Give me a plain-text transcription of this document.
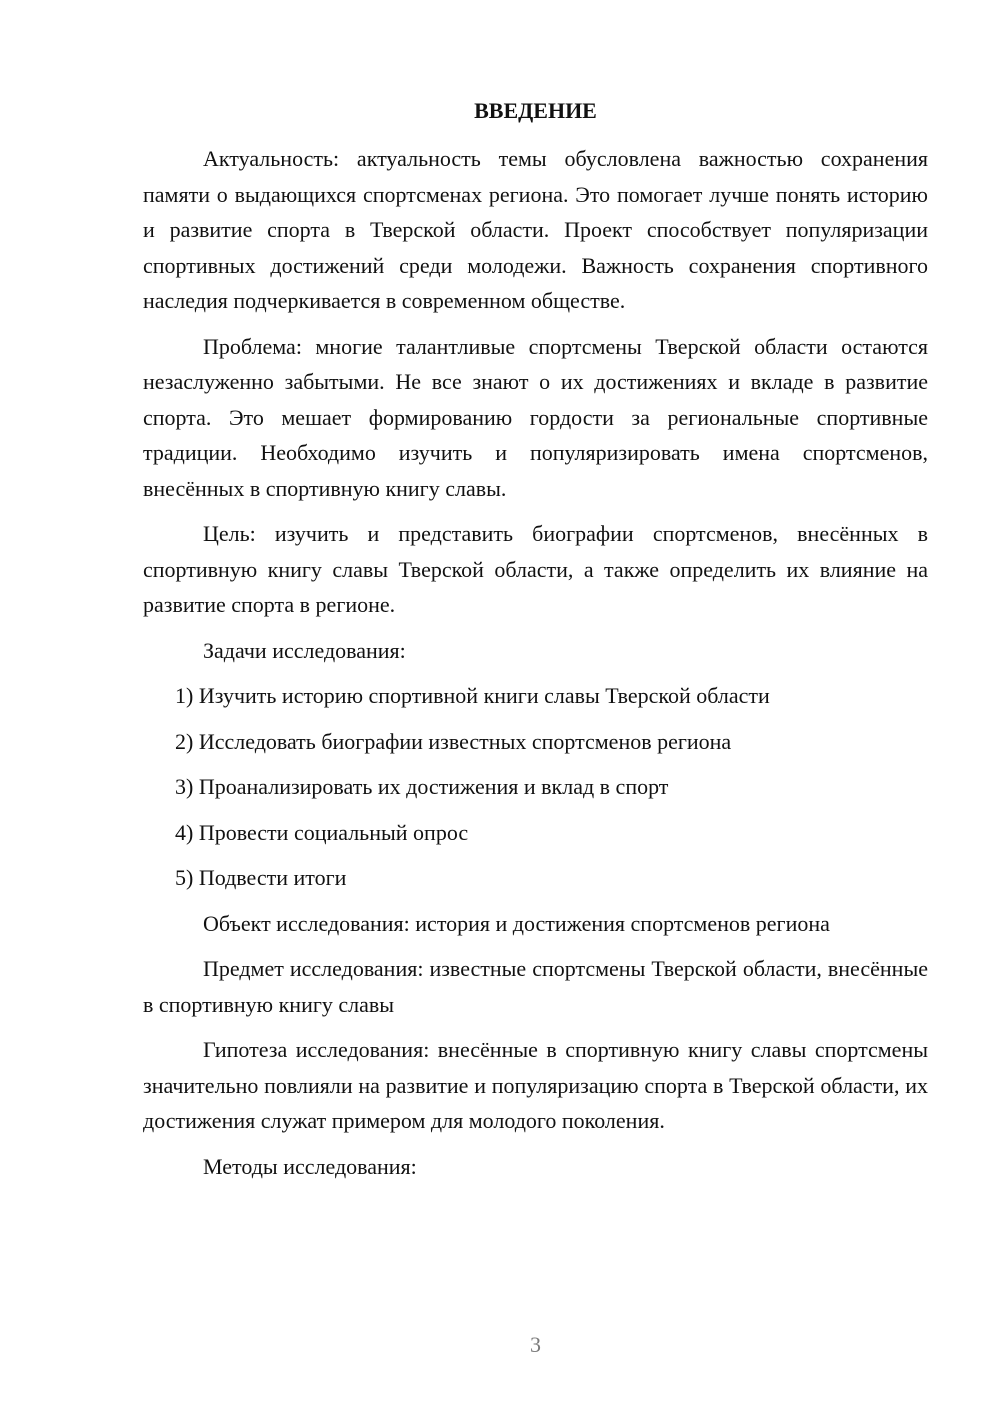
ВВЕДЕНИЕ

Актуальность: актуальность темы обусловлена важностью сохранения памяти о выдающихся спортсменах региона. Это помогает лучше понять историю и развитие спорта в Тверской области. Проект способствует популяризации спортивных достижений среди молодежи. Важность сохранения спортивного наследия подчеркивается в современном обществе.

Проблема: многие талантливые спортсмены Тверской области остаются незаслуженно забытыми. Не все знают о их достижениях и вкладе в развитие спорта. Это мешает формированию гордости за региональные спортивные традиции. Необходимо изучить и популяризировать имена спортсменов, внесённых в спортивную книгу славы.

Цель: изучить и представить биографии спортсменов, внесённых в спортивную книгу славы Тверской области, а также определить их влияние на развитие спорта в регионе.

Задачи исследования:

1) Изучить историю спортивной книги славы Тверской области
2) Исследовать биографии известных спортсменов региона
3) Проанализировать их достижения и вклад в спорт
4) Провести социальный опрос
5) Подвести итоги

Объект исследования: история и достижения спортсменов региона

Предмет исследования: известные спортсмены Тверской области, внесённые в спортивную книгу славы

Гипотеза исследования: внесённые в спортивную книгу славы спортсмены значительно повлияли на развитие и популяризацию спорта в Тверской области, их достижения служат примером для молодого поколения.

Методы исследования:

3
